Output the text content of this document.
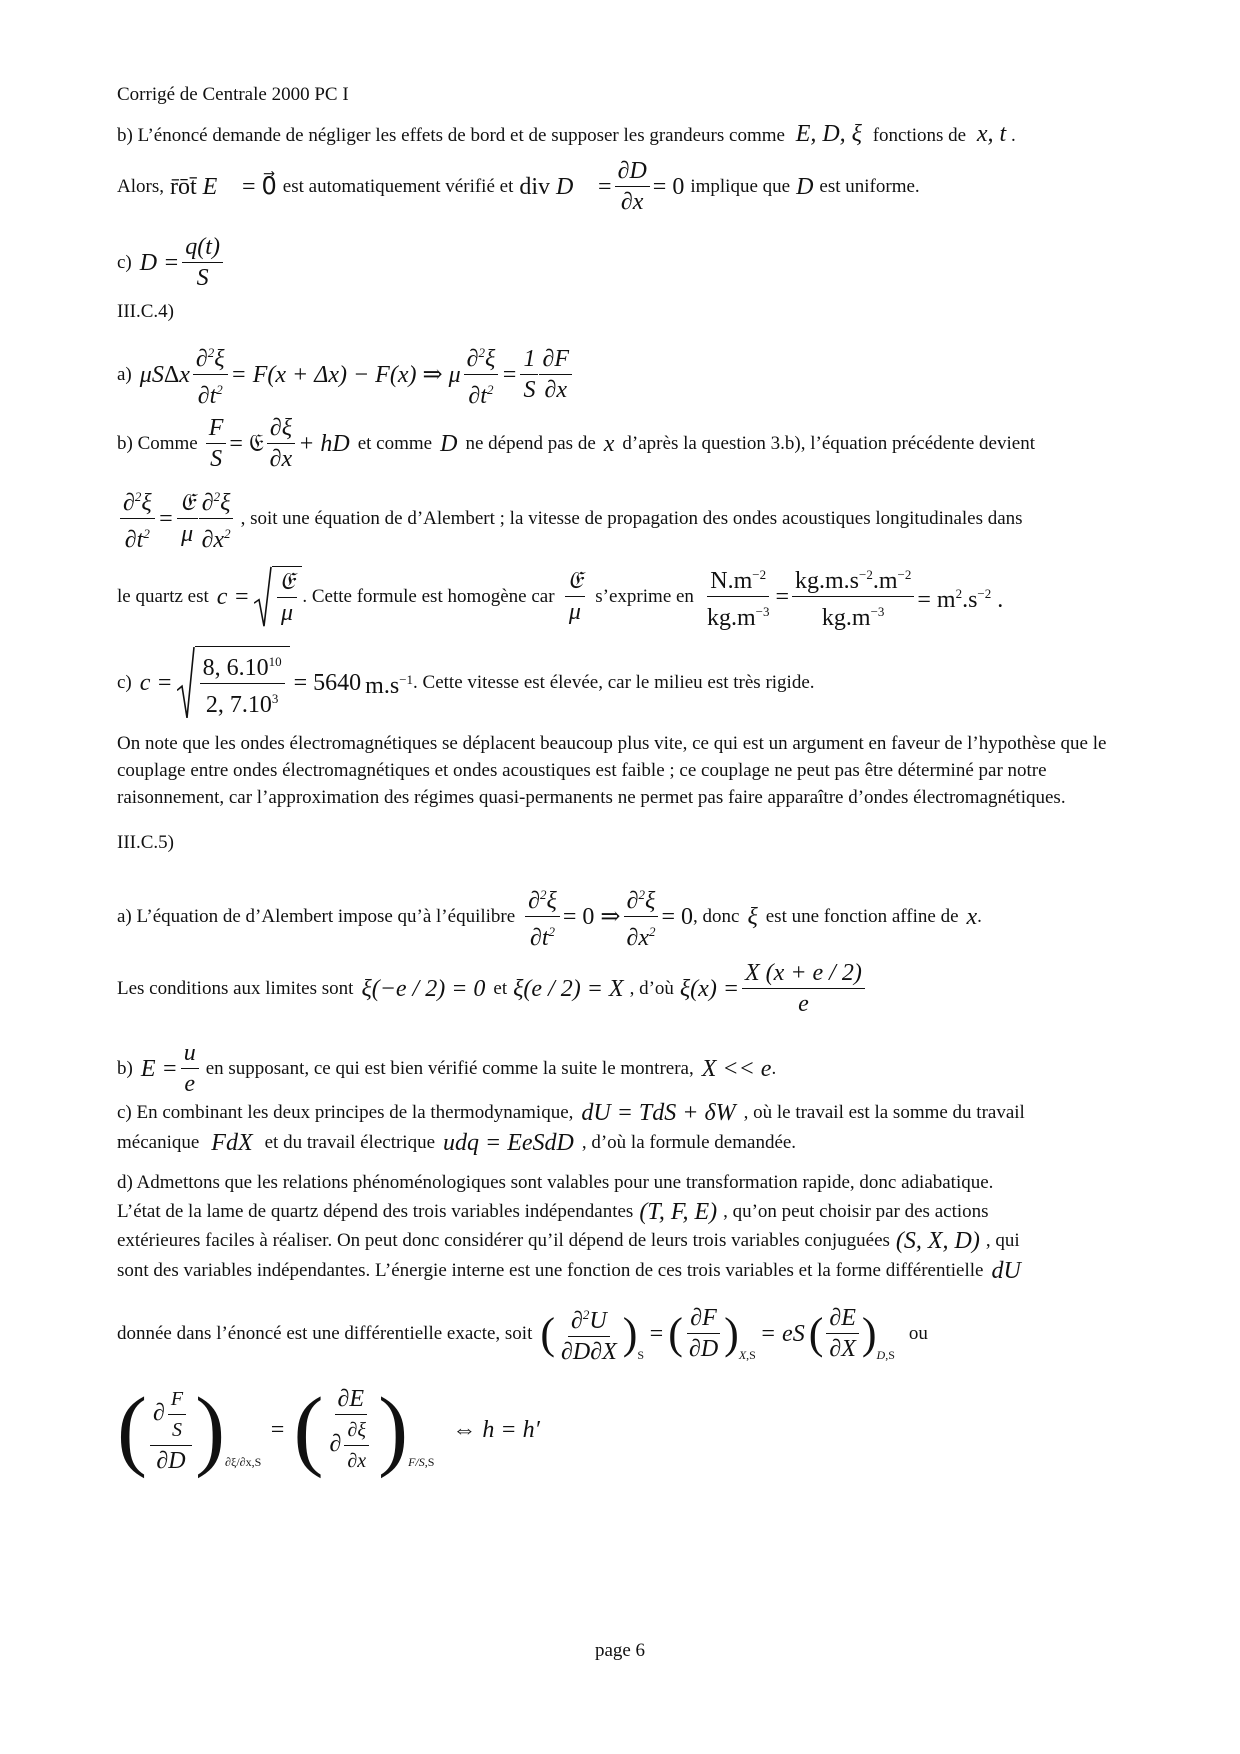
Corrigé de Centrale 2000 PC I
b) L’énoncé demande de négliger les effets de bord et de supposer les grandeurs comme E, D, ξ fonctions de x, t .
Alors, r̄ōt̄ E⃗ = 0⃗ est automatiquement vérifié et div D⃗ = $\frac{\partial D}{\partial x} = 0$ implique que D est uniforme.
c) $D = \frac{q(t)}{S}$
III.C.4)
a) μS Δ x $\frac{\partial^2\xi}{\partial t^2} = F(x + \Delta x) - F(x)$ ⇒ μ $\frac{\partial^2\xi}{\partial t^2} = \frac{1}{S} \frac{\partial F}{\partial x}$
b) Comme $\frac{F}{S}$ = 𝔈 $\frac{\partial\xi}{\partial x}$ + hD et comme D ne dépend pas de x d’après la question 3.b), l’équation précédente devient
$\frac{\partial^2\xi}{\partial t^2} = \frac{\text{𝔈}}{\mu} \frac{\partial^2\xi}{\partial x^2}$ , soit une équation de d’Alembert ; la vitesse de propagation des ondes acoustiques longitudinales dans
le quartz est $c = \frac{\text{𝔈}}{\mu}$ . Cette formule est homogène car $\frac{\text{𝔈}}{\mu}$ s’exprime en $\frac{N.m^{-2}}{kg.m^{-3}} = \frac{kg.m.s^{-2}.m^{-2}}{kg.m^{-3}} = m^2.s^{-2}$ .
c) $c = \frac{8, 6.10^{10}}{2, 7.10^3} = 5640$ $m.s^{-1}$ . Cette vitesse est élevée, car le milieu est très rigide.
On note que les ondes électromagnétiques se déplacent beaucoup plus vite, ce qui est un argument en faveur de l’hypothèse que le couplage entre ondes électromagnétiques et ondes acoustiques est faible ; ce couplage ne peut pas être déterminé par notre raisonnement, car l’approximation des régimes quasi-permanents ne permet pas faire apparaître d’ondes électromagnétiques.
III.C.5)
a) L’équation de d’Alembert impose qu’à l’équilibre $\frac{\partial^2\xi}{\partial t^2} = 0$ ⇒ $\frac{\partial^2\xi}{\partial x^2} = 0$ , donc ξ est une fonction affine de x .
Les conditions aux limites sont ξ(−e / 2) = 0 et ξ(e / 2) = X , d’où $\xi(x) = \frac{X (x + e / 2)}{e}$
b) $E = \frac{u}{e}$ en supposant, ce qui est bien vérifié comme la suite le montrera, X << e .
c) En combinant les deux principes de la thermodynamique, dU = TdS + δW , où le travail est la somme du travail
mécanique FdX et du travail électrique udq = EeSdD , d’où la formule demandée.
d) Admettons que les relations phénoménologiques sont valables pour une transformation rapide, donc adiabatique.
L’état de la lame de quartz dépend des trois variables indépendantes (T, F, E) , qu’on peut choisir par des actions
extérieures faciles à réaliser. On peut donc considérer qu’il dépend de leurs trois variables conjuguées (S, X, D) , qui
sont des variables indépendantes. L’énergie interne est une fonction de ces trois variables et la forme différentielle dU
donnée dans l’énoncé est une différentielle exacte, soit ( $\frac{\partial^2U}{\partial D\partial X} )_S$
= ( $\frac{\partial F}{\partial D}$ ) $_{X,S}$
= eS ( $\frac{\partial E}{\partial X}$ ) $_{D,S}$
ou
( $\frac{\partial \frac{F}{S}}{\partial D} )_{\partial\xi/\partial x,S}$
= ( $\frac{\partial E}{\partial \frac{\partial\xi}{\partial x}}$ ) $_{F/S,S}$
⇔ h = h′
page 6
